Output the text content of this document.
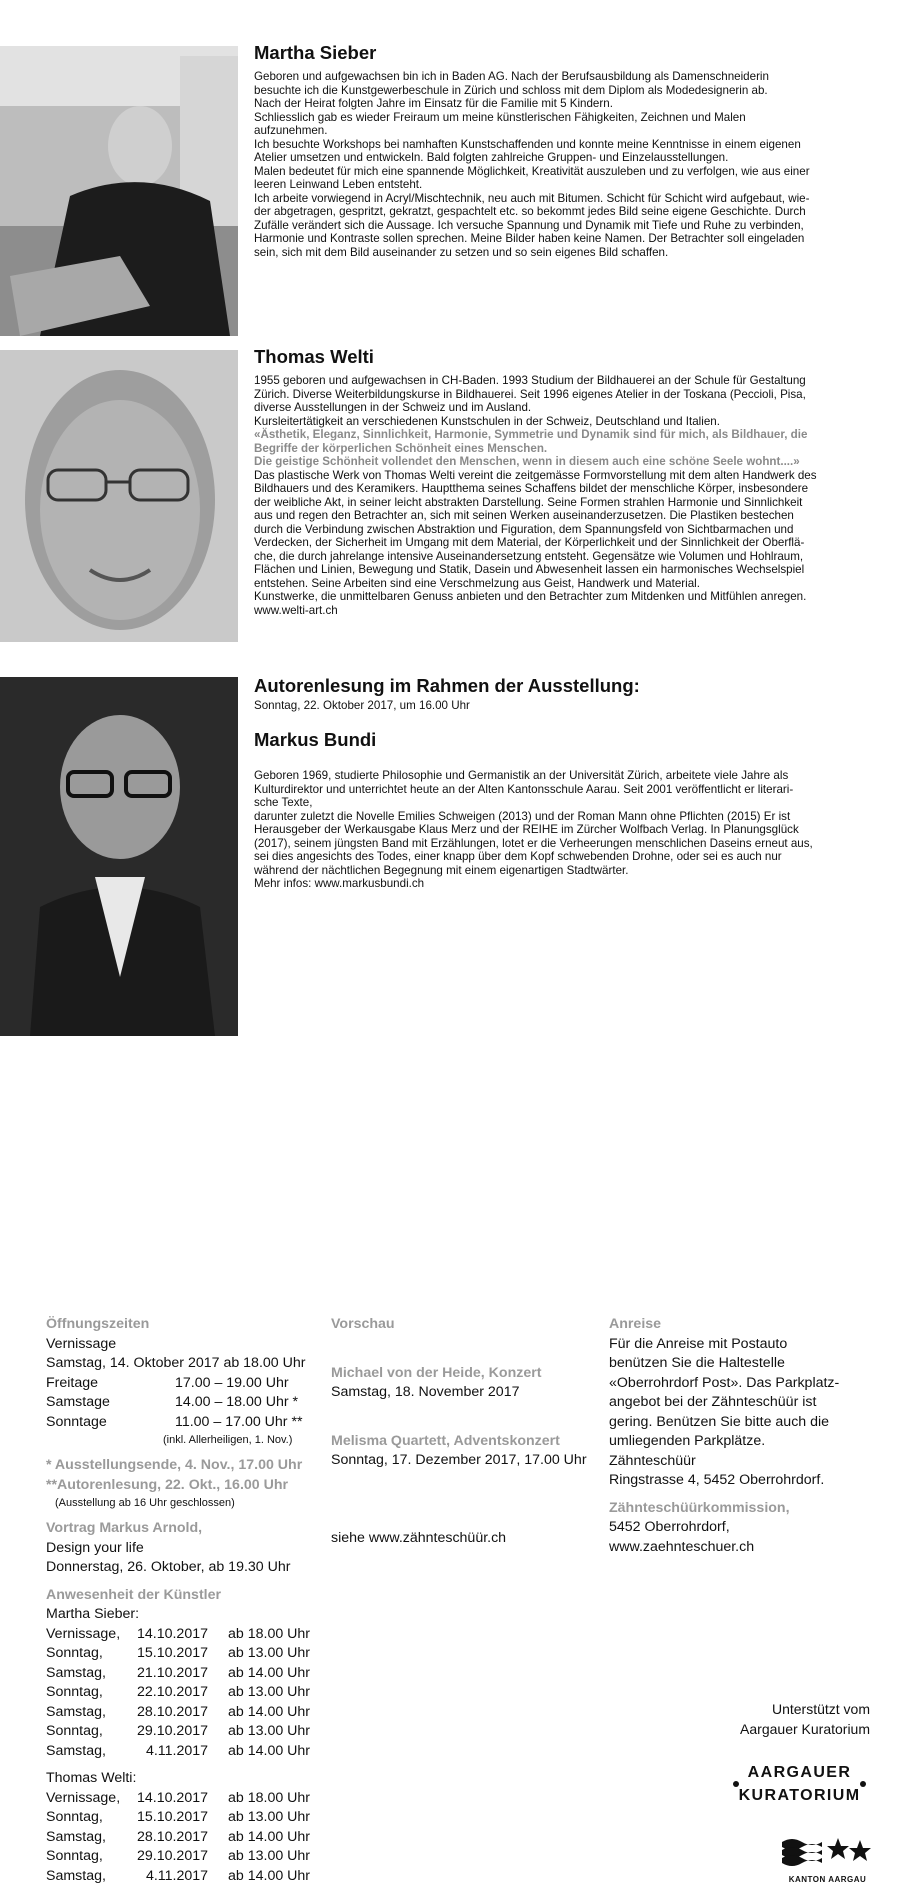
Martha Sieber
Geboren und aufgewachsen bin ich in Baden AG. Nach der Berufsausbildung als Damenschneiderin
besuchte ich die Kunstgewerbeschule in Zürich und schloss mit dem Diplom als Modedesignerin ab.
Nach der Heirat folgten Jahre im Einsatz für die Familie mit 5 Kindern.
Schliesslich gab es wieder Freiraum um meine künstlerischen Fähigkeiten, Zeichnen und Malen
aufzunehmen.
Ich besuchte Workshops bei namhaften Kunstschaffenden und konnte meine Kenntnisse in einem eigenen
Atelier umsetzen und entwickeln. Bald folgten zahlreiche Gruppen- und Einzelausstellungen.
Malen bedeutet für mich eine spannende Möglichkeit, Kreativität auszuleben und zu verfolgen, wie aus einer
leeren Leinwand Leben entsteht.
Ich arbeite vorwiegend in Acryl/Mischtechnik, neu auch mit Bitumen. Schicht für Schicht wird aufgebaut, wie-
der abgetragen, gespritzt, gekratzt, gespachtelt etc. so bekommt jedes Bild seine eigene Geschichte. Durch
Zufälle verändert sich die Aussage. Ich versuche Spannung und Dynamik mit Tiefe und Ruhe zu verbinden,
Harmonie und Kontraste sollen sprechen. Meine Bilder haben keine Namen. Der Betrachter soll eingeladen
sein, sich mit dem Bild auseinander zu setzen und so sein eigenes Bild schaffen.
Thomas Welti
1955 geboren und aufgewachsen in CH-Baden. 1993 Studium der Bildhauerei an der Schule für Gestaltung
Zürich. Diverse Weiterbildungskurse in Bildhauerei. Seit 1996 eigenes Atelier in der Toskana (Peccioli, Pisa,
diverse Ausstellungen in der Schweiz und im Ausland.
Kursleitertätigkeit an verschiedenen Kunstschulen in der Schweiz, Deutschland und Italien.
«Ästhetik, Eleganz, Sinnlichkeit, Harmonie, Symmetrie und Dynamik sind für mich, als Bildhauer, die
Begriffe der körperlichen Schönheit eines Menschen.
Die geistige Schönheit vollendet den Menschen, wenn in diesem auch eine schöne Seele wohnt....»
Das plastische Werk von Thomas Welti vereint die zeitgemässe Formvorstellung mit dem alten Handwerk des
Bildhauers und des Keramikers. Hauptthema seines Schaffens bildet der menschliche Körper, insbesondere
der weibliche Akt, in seiner leicht abstrakten Darstellung. Seine Formen strahlen Harmonie und Sinnlichkeit
aus und regen den Betrachter an, sich mit seinen Werken auseinanderzusetzen. Die Plastiken bestechen
durch die Verbindung zwischen Abstraktion und Figuration, dem Spannungsfeld von Sichtbarmachen und
Verdecken, der Sicherheit im Umgang mit dem Material, der Körperlichkeit und der Sinnlichkeit der Oberflä-
che, die durch jahrelange intensive Auseinandersetzung entsteht. Gegensätze wie Volumen und Hohlraum,
Flächen und Linien, Bewegung und Statik, Dasein und Abwesenheit lassen ein harmonisches Wechselspiel
entstehen. Seine Arbeiten sind eine Verschmelzung aus Geist, Handwerk und Material.
Kunstwerke, die unmittelbaren Genuss anbieten und den Betrachter zum Mitdenken und Mitfühlen anregen.
www.welti-art.ch
Autorenlesung im Rahmen der Ausstellung:
Sonntag, 22. Oktober 2017, um 16.00 Uhr
Markus Bundi
Geboren 1969, studierte Philosophie und Germanistik an der Universität Zürich, arbeitete viele Jahre als
Kulturdirektor und unterrichtet heute an der Alten Kantonsschule Aarau. Seit 2001 veröffentlicht er literari-
sche Texte,
darunter zuletzt die Novelle Emilies Schweigen (2013) und der Roman Mann ohne Pflichten (2015) Er ist
Herausgeber der Werkausgabe Klaus Merz und der REIHE im Zürcher Wolfbach Verlag. In Planungsglück
(2017), seinem jüngsten Band mit Erzählungen, lotet er die Verheerungen menschlichen Daseins erneut aus,
sei dies angesichts des Todes, einer knapp über dem Kopf schwebenden Drohne, oder sei es auch nur
während der nächtlichen Begegnung mit einem eigenartigen Stadtwärter.
Mehr infos: www.markusbundi.ch
Öffnungszeiten
Vernissage
Samstag, 14. Oktober 2017 ab 18.00 Uhr
Freitage	17.00 – 19.00 Uhr
Samstage	14.00 – 18.00 Uhr *
Sonntage	11.00 – 17.00 Uhr **
(inkl. Allerheiligen, 1. Nov.)
* Ausstellungsende, 4. Nov., 17.00 Uhr
**Autorenlesung, 22. Okt., 16.00 Uhr
(Ausstellung ab 16 Uhr geschlossen)
Vortrag Markus Arnold,
Design your life
Donnerstag, 26. Oktober, ab 19.30 Uhr
Anwesenheit der Künstler
Martha Sieber:
Vernissage,	14.10.2017	ab 18.00 Uhr
Sonntag,	15.10.2017	ab 13.00 Uhr
Samstag,	21.10.2017	ab 14.00 Uhr
Sonntag,	22.10.2017	ab 13.00 Uhr
Samstag,	28.10.2017	ab 14.00 Uhr
Sonntag,	29.10.2017	ab 13.00 Uhr
Samstag,	4.11.2017	ab 14.00 Uhr
Thomas Welti:
Vernissage,	14.10.2017	ab 18.00 Uhr
Sonntag,	15.10.2017	ab 13.00 Uhr
Samstag,	28.10.2017	ab 14.00 Uhr
Sonntag,	29.10.2017	ab 13.00 Uhr
Samstag,	4.11.2017	ab 14.00 Uhr
Vorschau
Michael von der Heide, Konzert
Samstag, 18. November 2017
Melisma Quartett, Adventskonzert
Sonntag, 17. Dezember 2017, 17.00 Uhr
siehe www.zähnteschüür.ch
Anreise
Für die Anreise mit Postauto
benützen Sie die Haltestelle
«Oberrohrdorf Post». Das Parkplatz-
angebot bei der Zähnteschüür ist
gering. Benützen Sie bitte auch die
umliegenden Parkplätze.
Zähnteschüür
Ringstrasse 4, 5452 Oberrohrdorf.
Zähnteschüürkommission,
5452 Oberrohrdorf,
www.zaehnteschuer.ch
Unterstützt vom
Aargauer Kuratorium
AARGAUER
KURATORIUM
KANTON AARGAU
